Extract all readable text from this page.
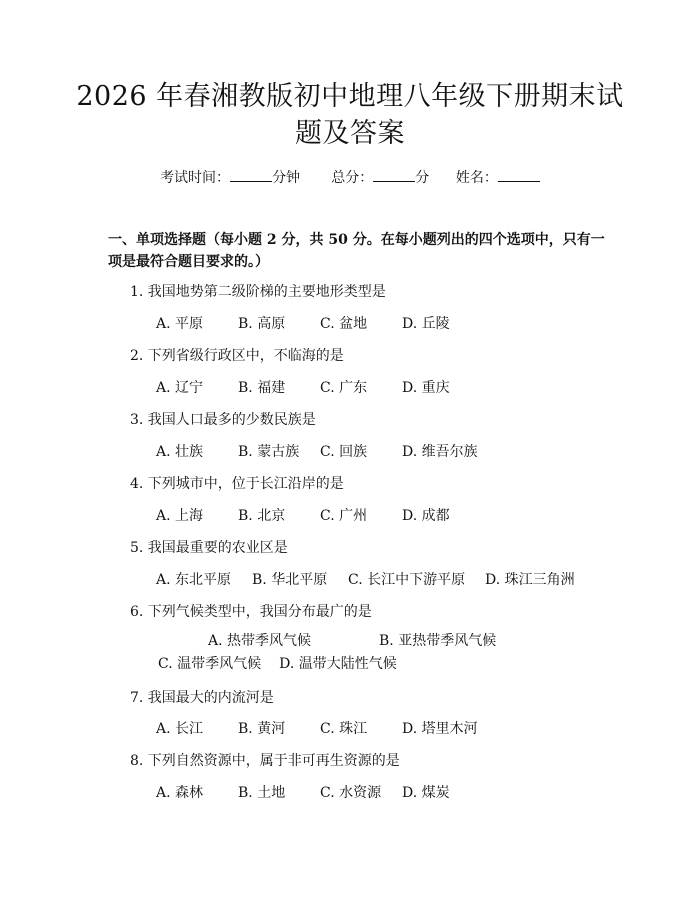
2026 年春湘教版初中地理八年级下册期末试
题及答案
考试时间：	分钟 总分：	分 姓名：
一、单项选择题（每小题 2 分，共 50 分。在每小题列出的四个选项中，只有一项是最符合题目要求的。）
1. 我国地势第二级阶梯的主要地形类型是
A. 平原 B. 高原 C. 盆地 D. 丘陵
2. 下列省级行政区中，不临海的是
A. 辽宁 B. 福建 C. 广东 D. 重庆
3. 我国人口最多的少数民族是
A. 壮族 B. 蒙古族 C. 回族 D. 维吾尔族
4. 下列城市中，位于长江沿岸的是
A. 上海 B. 北京 C. 广州 D. 成都
5. 我国最重要的农业区是
A. 东北平原 B. 华北平原 C. 长江中下游平原 D. 珠江三角洲
6. 下列气候类型中，我国分布最广的是
A. 热带季风气候	B. 亚热带季风气候C. 温带季风气候 D. 温带大陆性气候
7. 我国最大的内流河是
A. 长江 B. 黄河 C. 珠江 D. 塔里木河
8. 下列自然资源中，属于非可再生资源的是
A. 森林 B. 土地 C. 水资源 D. 煤炭
